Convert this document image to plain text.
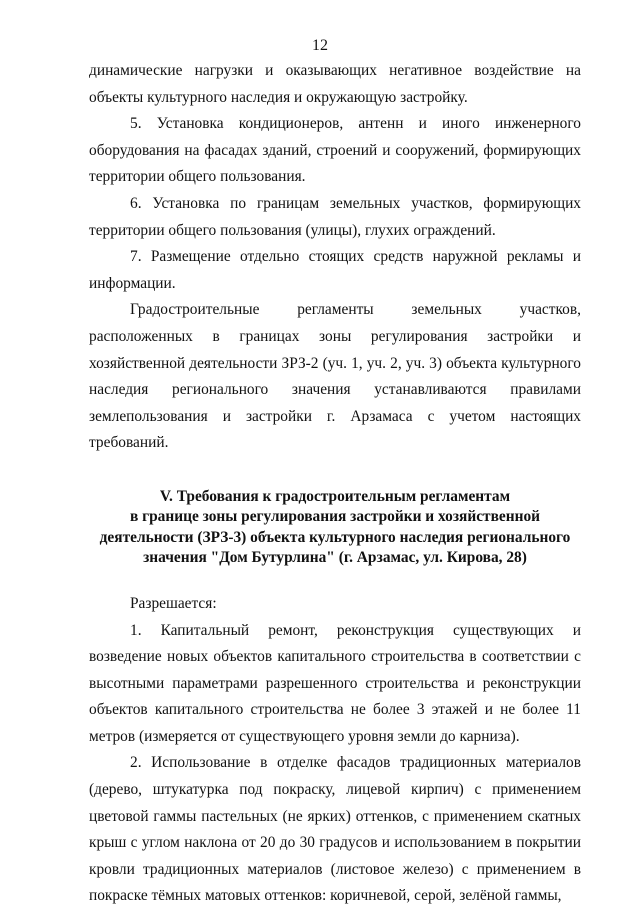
12

динамические нагрузки и оказывающих негативное воздействие на объекты культурного наследия и окружающую застройку.

5. Установка кондиционеров, антенн и иного инженерного оборудования на фасадах зданий, строений и сооружений, формирующих территории общего пользования.

6. Установка по границам земельных участков, формирующих территории общего пользования (улицы), глухих ограждений.

7. Размещение отдельно стоящих средств наружной рекламы и информации.

Градостроительные регламенты земельных участков, расположенных в границах зоны регулирования застройки и хозяйственной деятельности ЗРЗ-2 (уч. 1, уч. 2, уч. 3) объекта культурного наследия регионального значения устанавливаются правилами землепользования и застройки г. Арзамаса с учетом настоящих требований.

V. Требования к градостроительным регламентам
в границе зоны регулирования застройки и хозяйственной
деятельности (ЗРЗ-3) объекта культурного наследия регионального
значения "Дом Бутурлина" (г. Арзамас, ул. Кирова, 28)

Разрешается:

1. Капитальный ремонт, реконструкция существующих и возведение новых объектов капитального строительства в соответствии с высотными параметрами разрешенного строительства и реконструкции объектов капитального строительства не более 3 этажей и не более 11 метров (измеряется от существующего уровня земли до карниза).

2. Использование в отделке фасадов традиционных материалов (дерево, штукатурка под покраску, лицевой кирпич) с применением цветовой гаммы пастельных (не ярких) оттенков, с применением скатных крыш с углом наклона от 20 до 30 градусов и использованием в покрытии кровли традиционных материалов (листовое железо) с применением в покраске тёмных матовых оттенков: коричневой, серой, зелёной гаммы,
